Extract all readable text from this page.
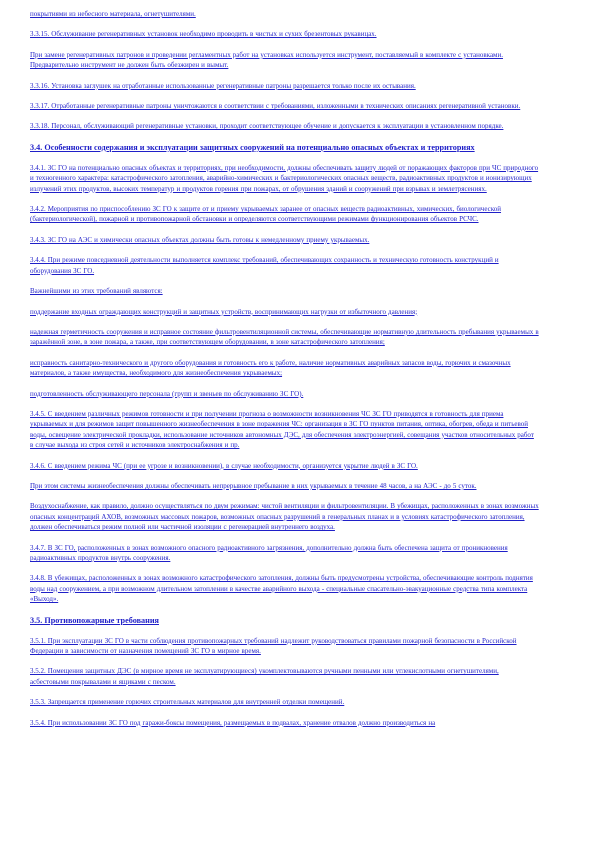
покрытиями из небесного материала, огнетушителями.

3.3.15. Обслуживание регенеративных установок необходимо проводить в чистых и сухих брезентовых рукавицах.

При замене регенеративных патронов и проведении регламентных работ на установках используется инструмент, поставляемый в комплекте с установками. Предварительно инструмент не должен быть обезжирен и вымыт.

3.3.16. Установка заглушек на отработанные использованные регенеративные патроны разрешается только после их остывания.

3.3.17. Отработанные регенеративные патроны уничтожаются в соответствии с требованиями, изложенными в технических описаниях регенеративной установки.

3.3.18. Персонал, обслуживающий регенеративные установки, проходит соответствующее обучение и допускается к эксплуатации в установленном порядке.

3.4. Особенности содержания и эксплуатации защитных сооружений на потенциально опасных объектах и территориях

3.4.1. ЗС ГО на потенциально опасных объектах и территориях, при необходимости, должны обеспечивать защиту людей от поражающих факторов при ЧС природного и техногенного характера: катастрофического затопления, аварийно-химических и бактериологических опасных веществ, радиоактивных продуктов и ионизирующих излучений этих продуктов, высоких температур и продуктов горения при пожарах, от обрушения зданий и сооружений при взрывах и землетрясениях.

3.4.2. Мероприятия по приспособлению ЗС ГО к защите от и приему укрываемых заранее от опасных веществ радиоактивных, химических, биологической (бактериологической), пожарной и противопожарной обстановки и определяются соответствующими режимами функционирования объектов РСЧС.

3.4.3. ЗС ГО на АЭС и химически опасных объектах должны быть готовы к немедленному приему укрываемых.

3.4.4. При режиме повседневной деятельности выполняется комплекс требований, обеспечивающих сохранность и техническую готовность конструкций и оборудования ЗС ГО.

Важнейшими из этих требований являются:

поддержание входных ограждающих конструкций и защитных устройств, воспринимающих нагрузки от избыточного давления;

надежная герметичность сооружения и исправное состояние фильтровентиляционной системы, обеспечивающие нормативную длительность пребывания укрываемых в заражённой зоне, в зоне пожара, а также, при соответствующем оборудовании, в зоне катастрофического затопления;

исправность санитарно-технического и другого оборудования и готовность его к работе, наличие нормативных аварийных запасов воды, горючих и смазочных материалов, а также имущества, необходимого для жизнеобеспечения укрываемых;

подготовленность обслуживающего персонала (групп и звеньев по обслуживанию ЗС ГО).

3.4.5. С введением различных режимов готовности и при получении прогноза о возможности возникновения ЧС ЗС ГО приводятся в готовность для приема укрываемых и для режимов защит повышенного жизнеобеспечения в зоне поражения ЧС: организация в ЗС ГО пунктов питания, оптика, обогрев, обеда и питьевой воды, освещение электрической прокладки, использование источников автономных ДЭС, для обеспечения электроэнергией, совещания участков относительных работ в случае выхода из строя сетей и источников электроснабжения и пр.

3.4.6. С введением режима ЧС (при ее угрозе и возникновении), в случае необходимости, организуется укрытие людей в ЗС ГО.

При этом системы жизнеобеспечения должны обеспечивать непрерывное пребывание в них укрываемых в течение 48 часов, а на АЭС - до 5 суток.

Воздухоснабжение, как правило, должно осуществляться по двум режимам: чистой вентиляции и фильтровентиляции. В убежищах, расположенных в зонах возможных опасных концентраций АХОВ, возможных массовых пожаров, возможных опасных разрушений в генеральных планах и в условиях катастрофического затопления, должен обеспечиваться режим полной или частичной изоляции с регенерацией внутреннего воздуха.

3.4.7. В ЗС ГО, расположенных в зонах возможного опасного радиоактивного загрязнения, дополнительно должна быть обеспечена защита от проникновения радиоактивных продуктов внутрь сооружения.

3.4.8. В убежищах, расположенных в зонах возможного катастрофического затопления, должны быть предусмотрены устройства, обеспечивающие контроль поднятия воды над сооружением, а при возможном длительном затоплении в качестве аварийного выхода - специальные спасательно-эвакуационные средства типа комплекта «Выход».

3.5. Противопожарные требования

3.5.1. При эксплуатации ЗС ГО в части соблюдения противопожарных требований надлежит руководствоваться правилами пожарной безопасности в Российской Федерации в зависимости от назначения помещений ЗС ГО в мирное время.

3.5.2. Помещения защитных ДЭС (в мирное время не эксплуатирующиеся) укомплектовываются ручными пенными или углекислотными огнетушителями, асбестовыми покрывалами и ящиками с песком.

3.5.3. Запрещается применение горючих строительных материалов для внутренней отделки помещений.

3.5.4. При использовании ЗС ГО под гаражи-боксы помещения, размещаемых в подвалах, хранение отвалов должно производиться на
